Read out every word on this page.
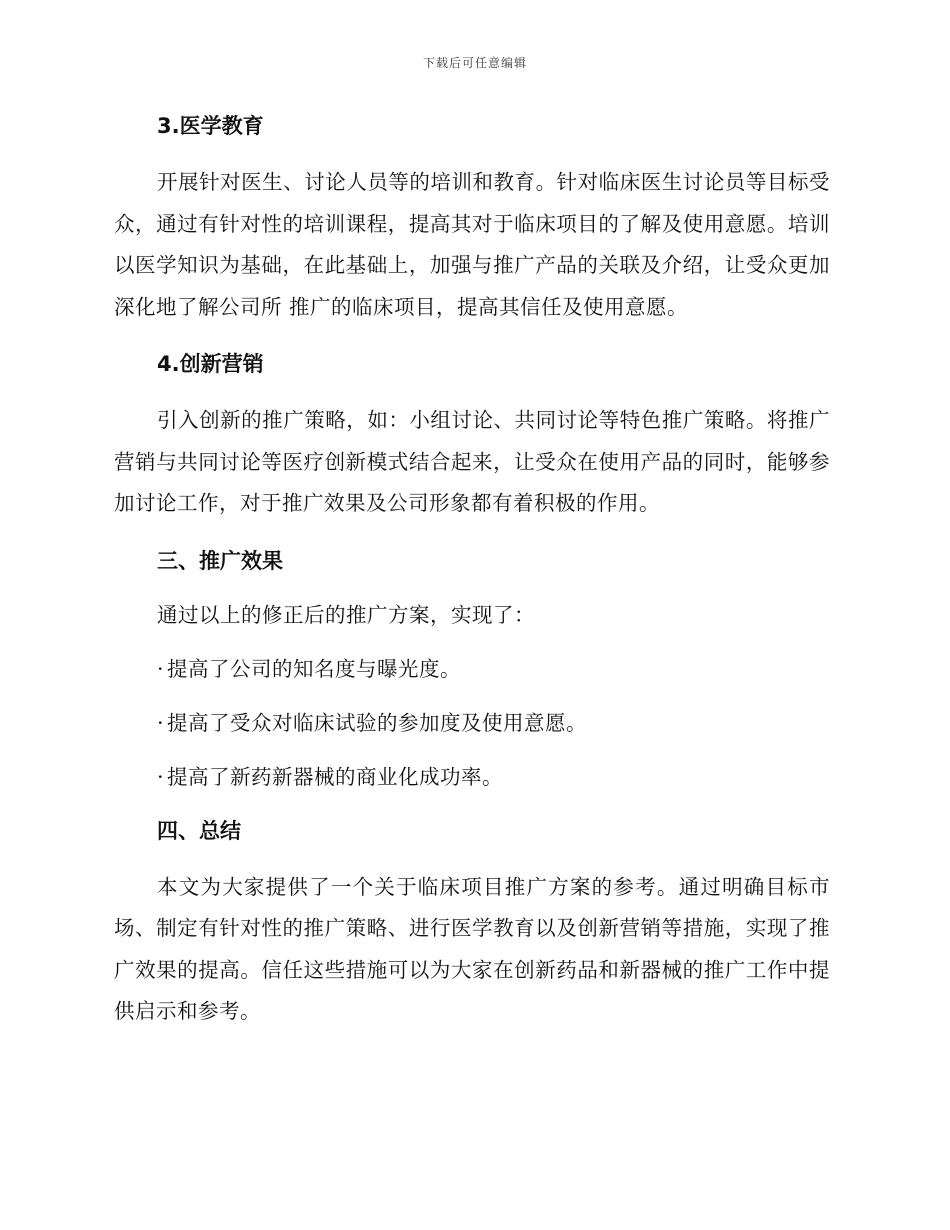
下载后可任意编辑
3.医学教育

开展针对医生、讨论人员等的培训和教育。针对临床医生讨论员等目标受众，通过有针对性的培训课程，提高其对于临床项目的了解及使用意愿。培训以医学知识为基础，在此基础上，加强与推广产品的关联及介绍，让受众更加深化地了解公司所 推广的临床项目，提高其信任及使用意愿。

4.创新营销

引入创新的推广策略，如：小组讨论、共同讨论等特色推广策略。将推广营销与共同讨论等医疗创新模式结合起来，让受众在使用产品的同时，能够参加讨论工作，对于推广效果及公司形象都有着积极的作用。

三、推广效果
通过以上的修正后的推广方案，实现了：
· 提高了公司的知名度与曝光度。
· 提高了受众对临床试验的参加度及使用意愿。
· 提高了新药新器械的商业化成功率。
四、总结

本文为大家提供了一个关于临床项目推广方案的参考。通过明确目标市场、制定有针对性的推广策略、进行医学教育以及创新营销等措施，实现了推广效果的提高。信任这些措施可以为大家在创新药品和新器械的推广工作中提供启示和参考。
